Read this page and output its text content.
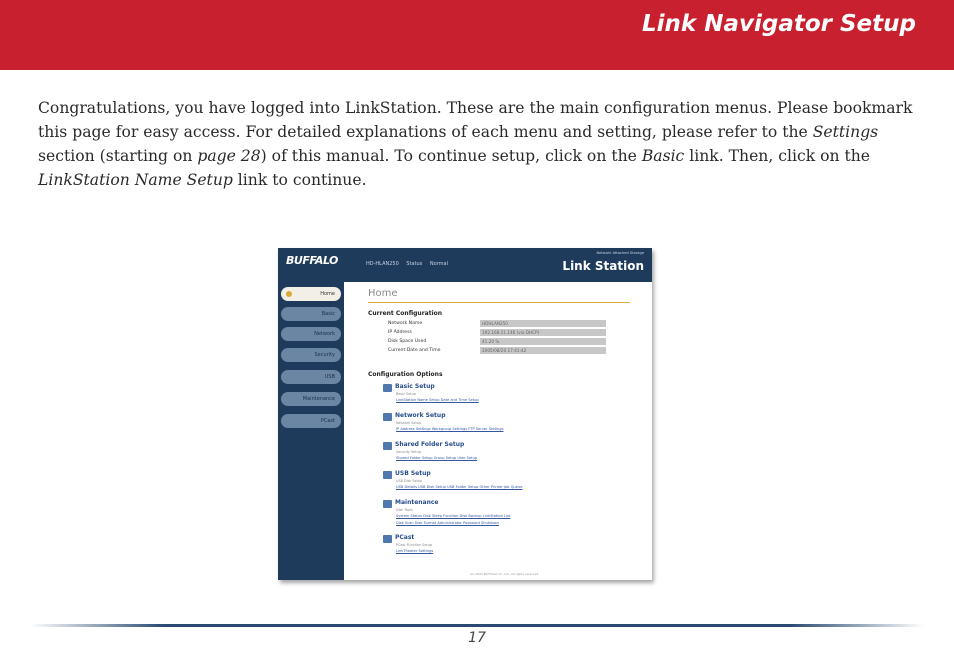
Link Navigator Setup
Congratulations, you have logged into LinkStation. These are the main configuration menus. Please bookmark this page for easy access. For detailed explanations of each menu and setting, please refer to the Settings section (starting on page 28) of this manual. To continue setup, click on the Basic link. Then, click on the LinkStation Name Setup link to continue.
BUFFALO	HD-HLAN250 Status Normal
Network Attached Storage
Link Station
Home
Basic
Network
Security
USB
Maintenance
PCast
Home
Current Configuration
Network Name	HDHLAN250
IP Address	192.168.11.146 (via DHCP)
Disk Space Used	41.20 %
Current Date and Time	2005/08/20 17:41:42
Configuration Options
Basic Setup
Basic Setup
LinkStation Name Setup Date and Time Setup
Network Setup
Network Setup
IP Address Settings Workgroup Settings FTP Server Settings
Shared Folder Setup
Security Setup
Shared Folder Setup Group Setup User Setup
USB Setup
USB Disk Setup
USB Details USB Disk Setup USB Folder Setup Other Printer Job Queue
Maintenance
Disk Tools
System Status Disk Sleep Function Disk Backup LinkStation List
Disk Scan Disk Format Administrator Password Shutdown
PCast
PCast Function Setup
LinkTheater Settings
(C) 2005 BUFFALO Co.,Ltd. All rights reserved.
17
